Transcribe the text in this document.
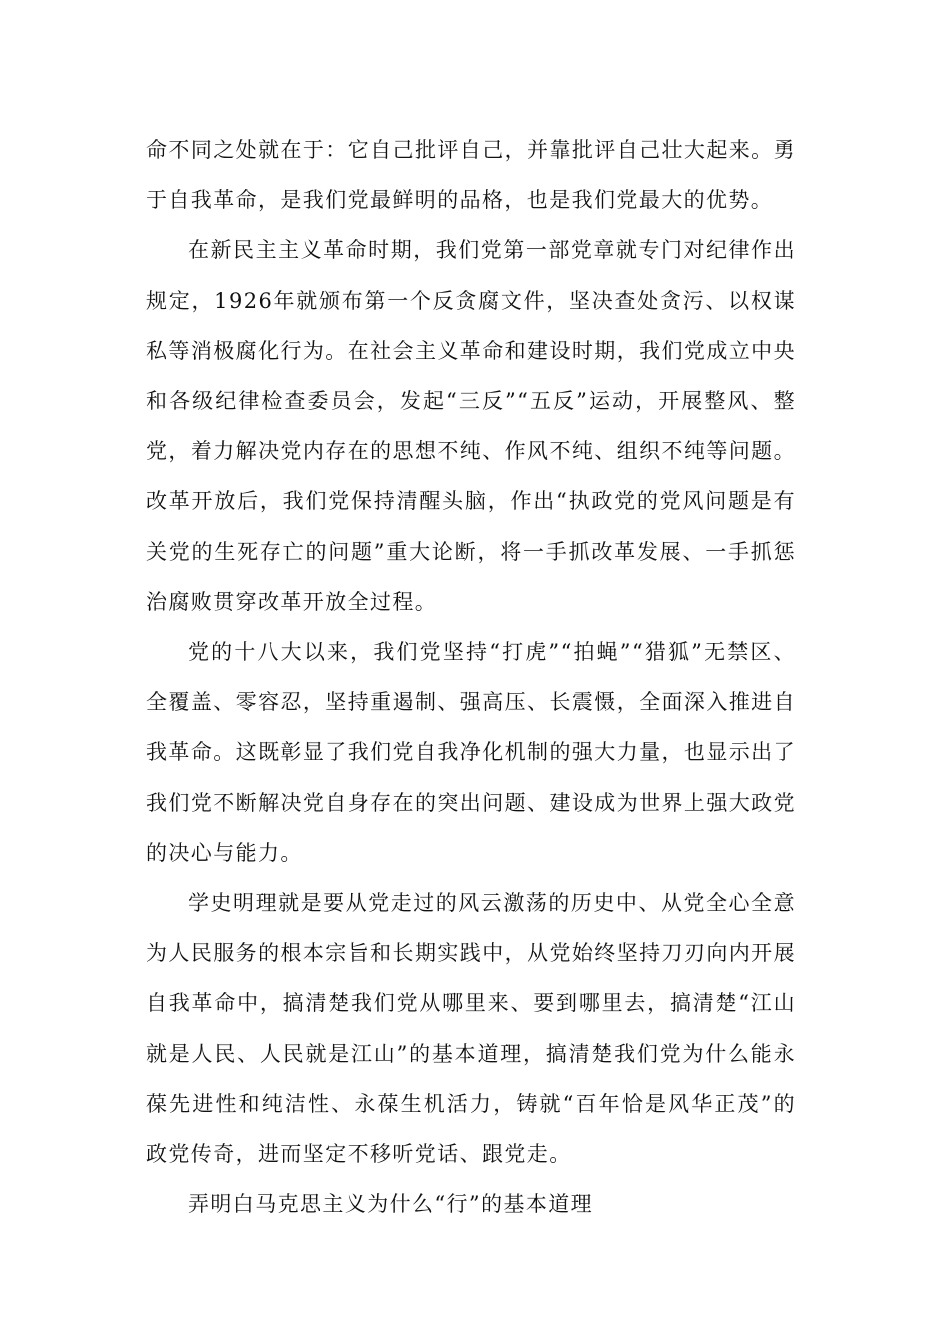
命不同之处就在于：它自己批评自己，并靠批评自己壮大起来。勇于自我革命，是我们党最鲜明的品格，也是我们党最大的优势。

在新民主主义革命时期，我们党第一部党章就专门对纪律作出规定，1926年就颁布第一个反贪腐文件，坚决查处贪污、以权谋私等消极腐化行为。在社会主义革命和建设时期，我们党成立中央和各级纪律检查委员会，发起“三反”“五反”运动，开展整风、整党，着力解决党内存在的思想不纯、作风不纯、组织不纯等问题。改革开放后，我们党保持清醒头脑，作出“执政党的党风问题是有关党的生死存亡的问题”重大论断，将一手抓改革发展、一手抓惩治腐败贯穿改革开放全过程。

党的十八大以来，我们党坚持“打虎”“拍蝇”“猎狐”无禁区、全覆盖、零容忍，坚持重遏制、强高压、长震慑，全面深入推进自我革命。这既彰显了我们党自我净化机制的强大力量，也显示出了我们党不断解决党自身存在的突出问题、建设成为世界上强大政党的决心与能力。

学史明理就是要从党走过的风云激荡的历史中、从党全心全意为人民服务的根本宗旨和长期实践中，从党始终坚持刀刃向内开展自我革命中，搞清楚我们党从哪里来、要到哪里去，搞清楚“江山就是人民、人民就是江山”的基本道理，搞清楚我们党为什么能永葆先进性和纯洁性、永葆生机活力，铸就“百年恰是风华正茂”的政党传奇，进而坚定不移听党话、跟党走。

弄明白马克思主义为什么“行”的基本道理
